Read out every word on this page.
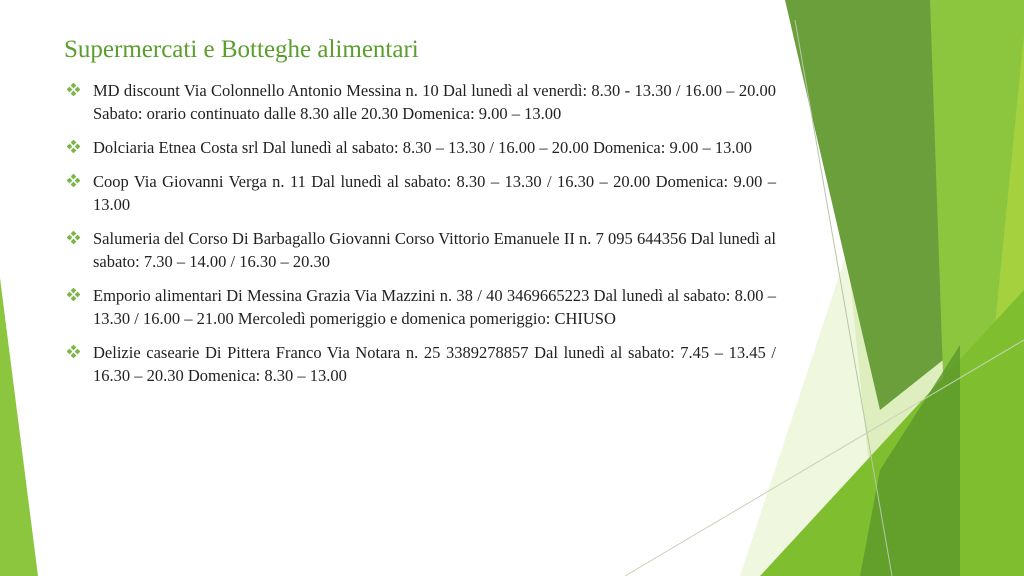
Supermercati e Botteghe alimentari
MD discount Via Colonnello Antonio Messina n. 10 Dal lunedì al venerdì: 8.30 - 13.30 / 16.00 – 20.00 Sabato: orario continuato dalle 8.30 alle 20.30 Domenica: 9.00 – 13.00
Dolciaria Etnea Costa srl Dal lunedì al sabato: 8.30 – 13.30 / 16.00 – 20.00 Domenica: 9.00 – 13.00
Coop Via Giovanni Verga n. 11 Dal lunedì al sabato: 8.30 – 13.30 / 16.30 – 20.00 Domenica: 9.00 – 13.00
Salumeria del Corso Di Barbagallo Giovanni Corso Vittorio Emanuele II n. 7 095 644356 Dal lunedì al sabato: 7.30 – 14.00 / 16.30 – 20.30
Emporio alimentari Di Messina Grazia Via Mazzini n. 38 / 40 3469665223 Dal lunedì al sabato: 8.00 – 13.30 / 16.00 – 21.00 Mercoledì pomeriggio e domenica pomeriggio: CHIUSO
Delizie casearie Di Pittera Franco Via Notara n. 25 3389278857 Dal lunedì al sabato: 7.45 – 13.45 / 16.30 – 20.30 Domenica: 8.30 – 13.00
